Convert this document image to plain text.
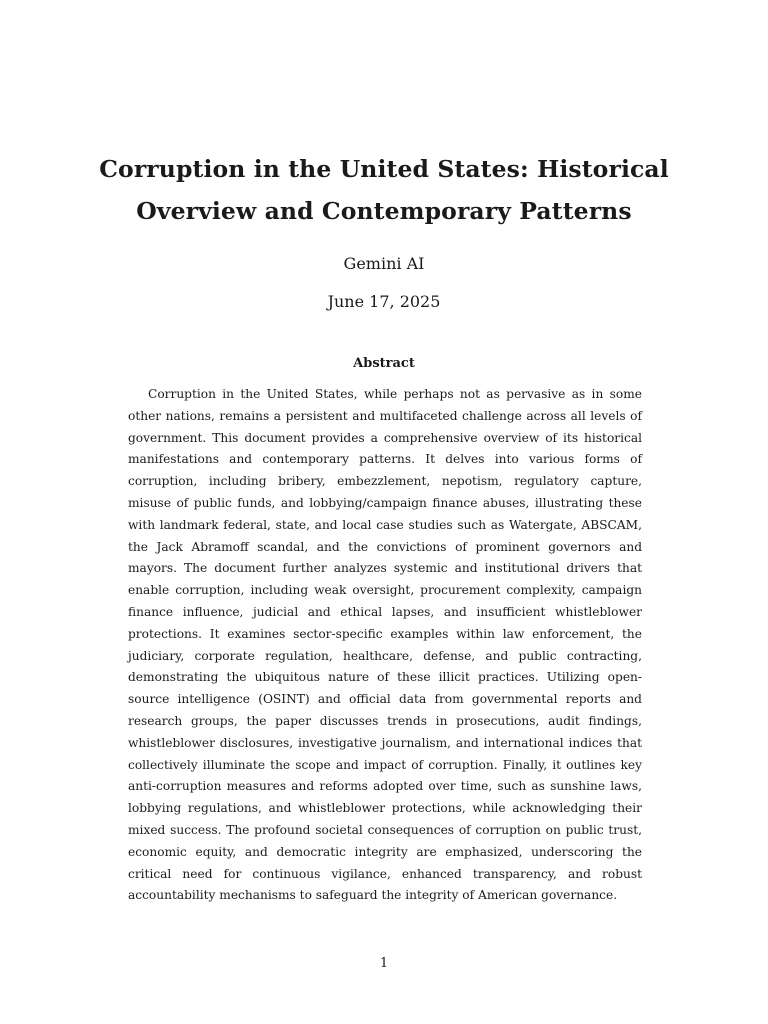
Corruption in the United States: Historical Overview and Contemporary Patterns
Gemini AI
June 17, 2025
Abstract

Corruption in the United States, while perhaps not as pervasive as in some other nations, remains a persistent and multifaceted challenge across all levels of government. This document provides a comprehensive overview of its historical manifestations and contemporary patterns. It delves into various forms of corruption, including bribery, embezzlement, nepotism, regulatory capture, misuse of public funds, and lobbying/campaign finance abuses, illustrating these with landmark federal, state, and local case studies such as Watergate, ABSCAM, the Jack Abramoff scandal, and the convictions of prominent governors and mayors. The document further analyzes systemic and institutional drivers that enable corruption, including weak oversight, procurement complexity, campaign finance influence, judicial and ethical lapses, and insufficient whistleblower protections. It examines sector-specific examples within law enforcement, the judiciary, corporate regulation, healthcare, defense, and public contracting, demonstrating the ubiquitous nature of these illicit practices. Utilizing open-source intelligence (OSINT) and official data from governmental reports and research groups, the paper discusses trends in prosecutions, audit findings, whistleblower disclosures, investigative journalism, and international indices that collectively illuminate the scope and impact of corruption. Finally, it outlines key anti-corruption measures and reforms adopted over time, such as sunshine laws, lobbying regulations, and whistleblower protections, while acknowledging their mixed success. The profound societal consequences of corruption on public trust, economic equity, and democratic integrity are emphasized, underscoring the critical need for continuous vigilance, enhanced transparency, and robust accountability mechanisms to safeguard the integrity of American governance.

1
